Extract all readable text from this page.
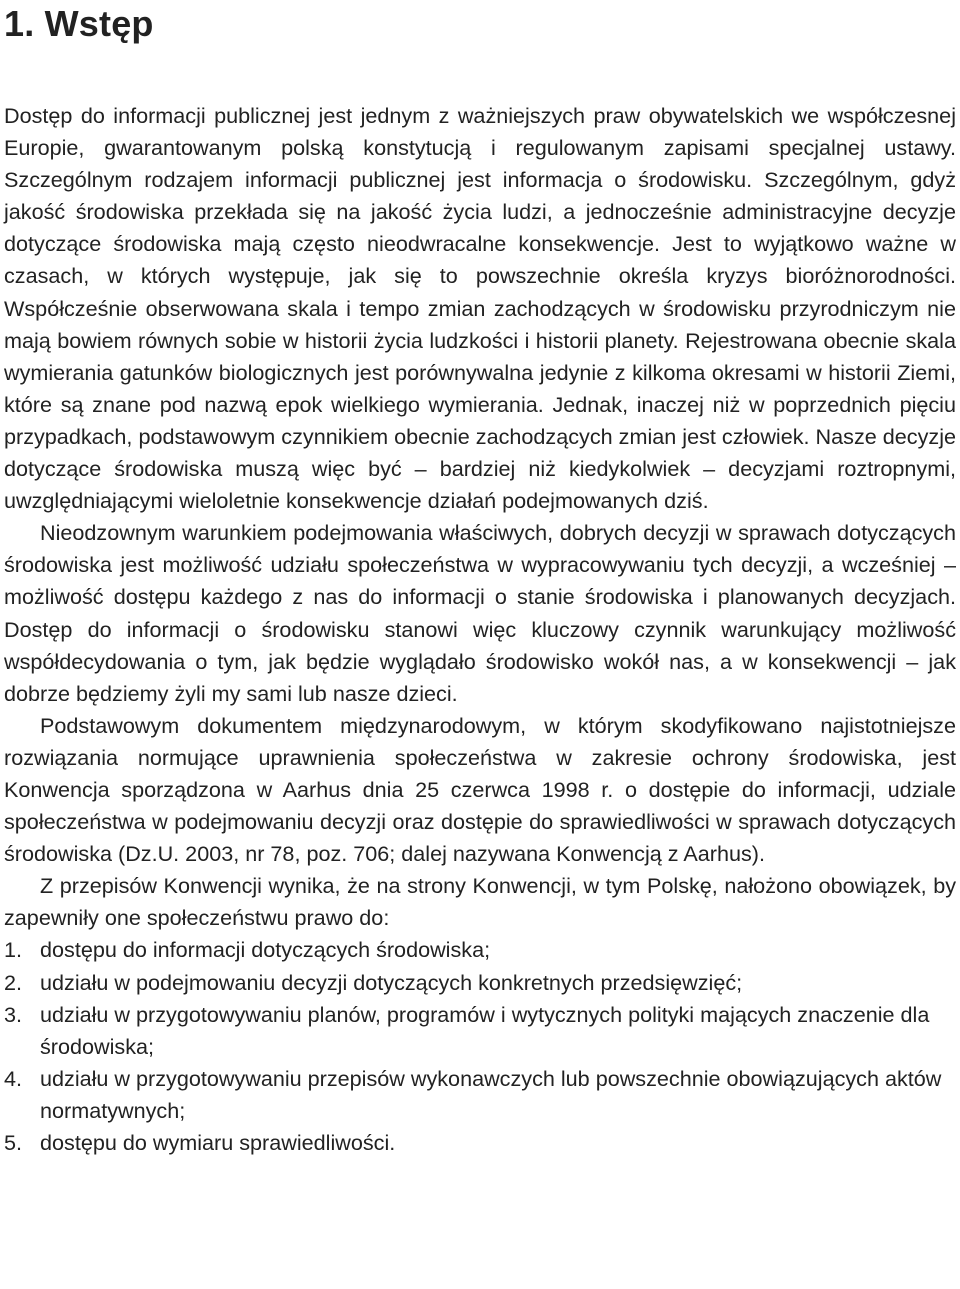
1. Wstęp

Dostęp do informacji publicznej jest jednym z ważniejszych praw obywatelskich we współczesnej Europie, gwarantowanym polską konstytucją i regulowanym zapisami specjalnej ustawy. Szczególnym rodzajem informacji publicznej jest informacja o środowisku. Szczególnym, gdyż jakość środowiska przekłada się na jakość życia ludzi, a jednocześnie administracyjne decyzje dotyczące środowiska mają często nieodwracalne konsekwencje. Jest to wyjątkowo ważne w czasach, w których występuje, jak się to powszechnie określa kryzys bioróżnorodności. Współcześnie obserwowana skala i tempo zmian zachodzących w środowisku przyrodniczym nie mają bowiem równych sobie w historii życia ludzkości i historii planety. Rejestrowana obecnie skala wymierania gatunków biologicznych jest porównywalna jedynie z kilkoma okresami w historii Ziemi, które są znane pod nazwą epok wielkiego wymierania. Jednak, inaczej niż w poprzednich pięciu przypadkach, podstawowym czynnikiem obecnie zachodzących zmian jest człowiek. Nasze decyzje dotyczące środowiska muszą więc być – bardziej niż kiedykolwiek – decyzjami roztropnymi, uwzględniającymi wieloletnie konsekwencje działań podejmowanych dziś.

Nieodzownym warunkiem podejmowania właściwych, dobrych decyzji w sprawach dotyczących środowiska jest możliwość udziału społeczeństwa w wypracowywaniu tych decyzji, a wcześniej – możliwość dostępu każdego z nas do informacji o stanie środowiska i planowanych decyzjach. Dostęp do informacji o środowisku stanowi więc kluczowy czynnik warunkujący możliwość współdecydowania o tym, jak będzie wyglądało środowisko wokół nas, a w konsekwencji – jak dobrze będziemy żyli my sami lub nasze dzieci.

Podstawowym dokumentem międzynarodowym, w którym skodyfikowano najistotniejsze rozwiązania normujące uprawnienia społeczeństwa w zakresie ochrony środowiska, jest Konwencja sporządzona w Aarhus dnia 25 czerwca 1998 r. o dostępie do informacji, udziale społeczeństwa w podejmowaniu decyzji oraz dostępie do sprawiedliwości w sprawach dotyczących środowiska (Dz.U. 2003, nr 78, poz. 706; dalej nazywana Konwencją z Aarhus).

Z przepisów Konwencji wynika, że na strony Konwencji, w tym Polskę, nałożono obowiązek, by zapewniły one społeczeństwu prawo do:

1. dostępu do informacji dotyczących środowiska;
2. udziału w podejmowaniu decyzji dotyczących konkretnych przedsięwzięć;
3. udziału w przygotowywaniu planów, programów i wytycznych polityki mających znaczenie dla środowiska;
4. udziału w przygotowywaniu przepisów wykonawczych lub powszechnie obowiązujących aktów normatywnych;
5. dostępu do wymiaru sprawiedliwości.
